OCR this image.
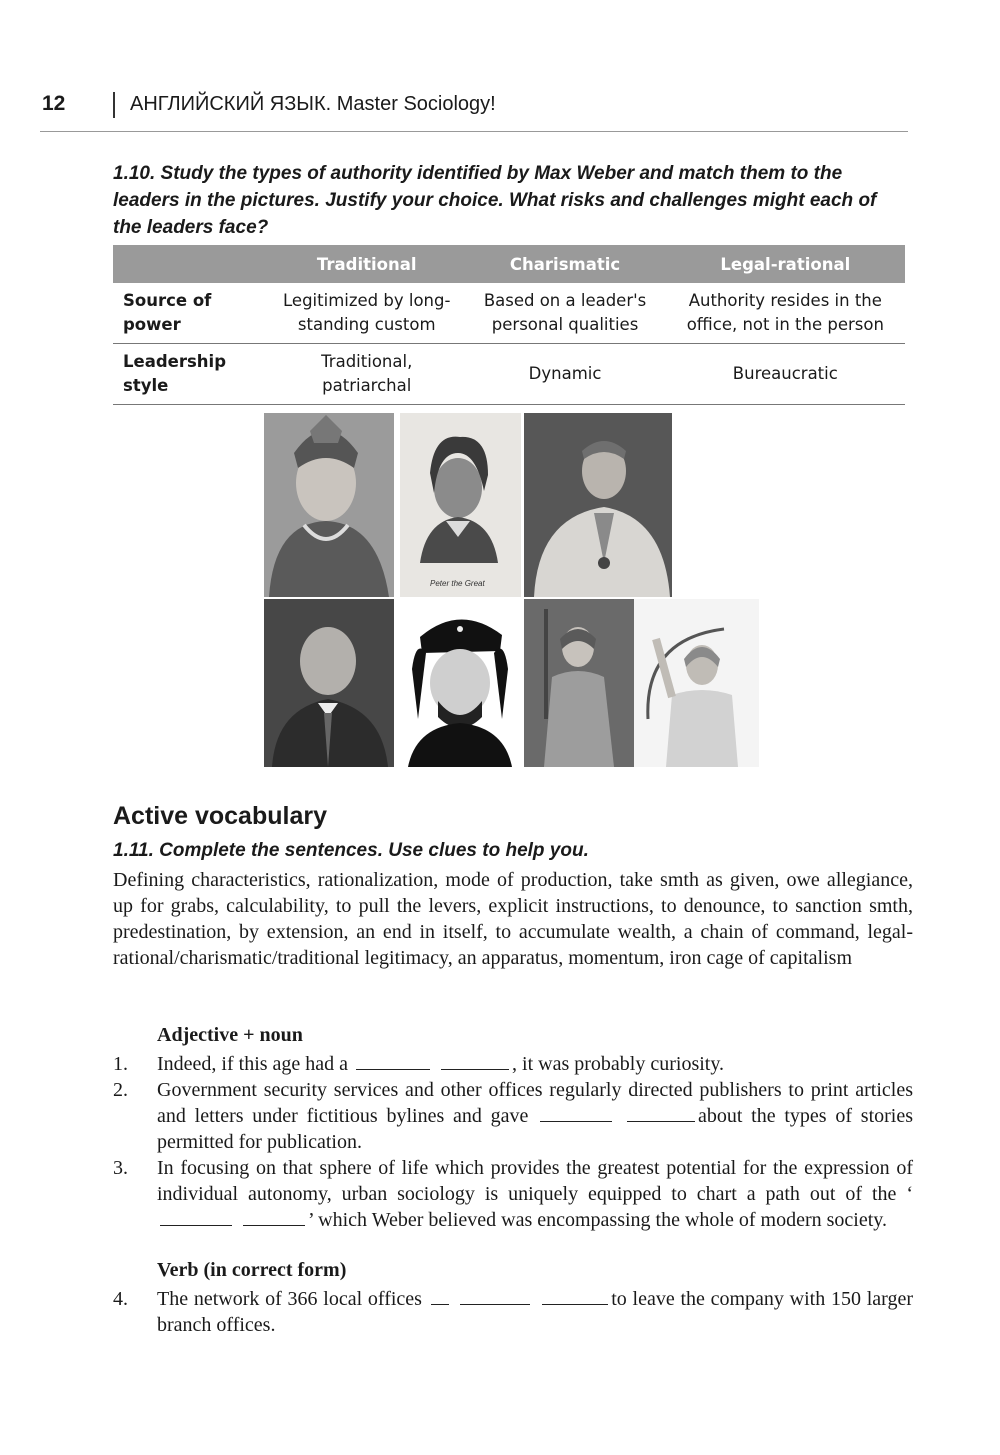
12	АНГЛИЙСКИЙ ЯЗЫК. Master Sociology!
1.10. Study the types of authority identified by Max Weber and match them to the leaders in the pictures. Justify your choice. What risks and challenges might each of the leaders face?
	Traditional	Charismatic	Legal-rational
Source of power	Legitimized by long-standing custom	Based on a leader's personal qualities	Authority resides in the office, not in the person
Leadership style	Traditional, patriarchal	Dynamic	Bureaucratic
Peter the Great
Active vocabulary
1.11. Complete the sentences. Use clues to help you.
Defining characteristics, rationalization, mode of production, take smth as given, owe allegiance, up for grabs, calculability, to pull the levers, explicit instructions, to denounce, to sanction smth, predestination, by extension, an end in itself, to accumulate wealth, a chain of command, legal-rational/charismatic/traditional legitimacy, an apparatus, momentum, iron cage of capitalism
Adjective + noun
1.	Indeed, if this age had a	, it was probably curiosity.
2.	Government security services and other offices regularly directed publishers to print articles and letters under fictitious bylines and gave	about the types of stories permitted for publication.
3.	In focusing on that sphere of life which provides the greatest potential for the expression of individual autonomy, urban sociology is uniquely equipped to chart a path out of the ‘ ’ which Weber believed was encompassing the whole of modern society.
Verb (in correct form)
4.	The network of 366 local offices	to leave the company with 150 larger branch offices.
